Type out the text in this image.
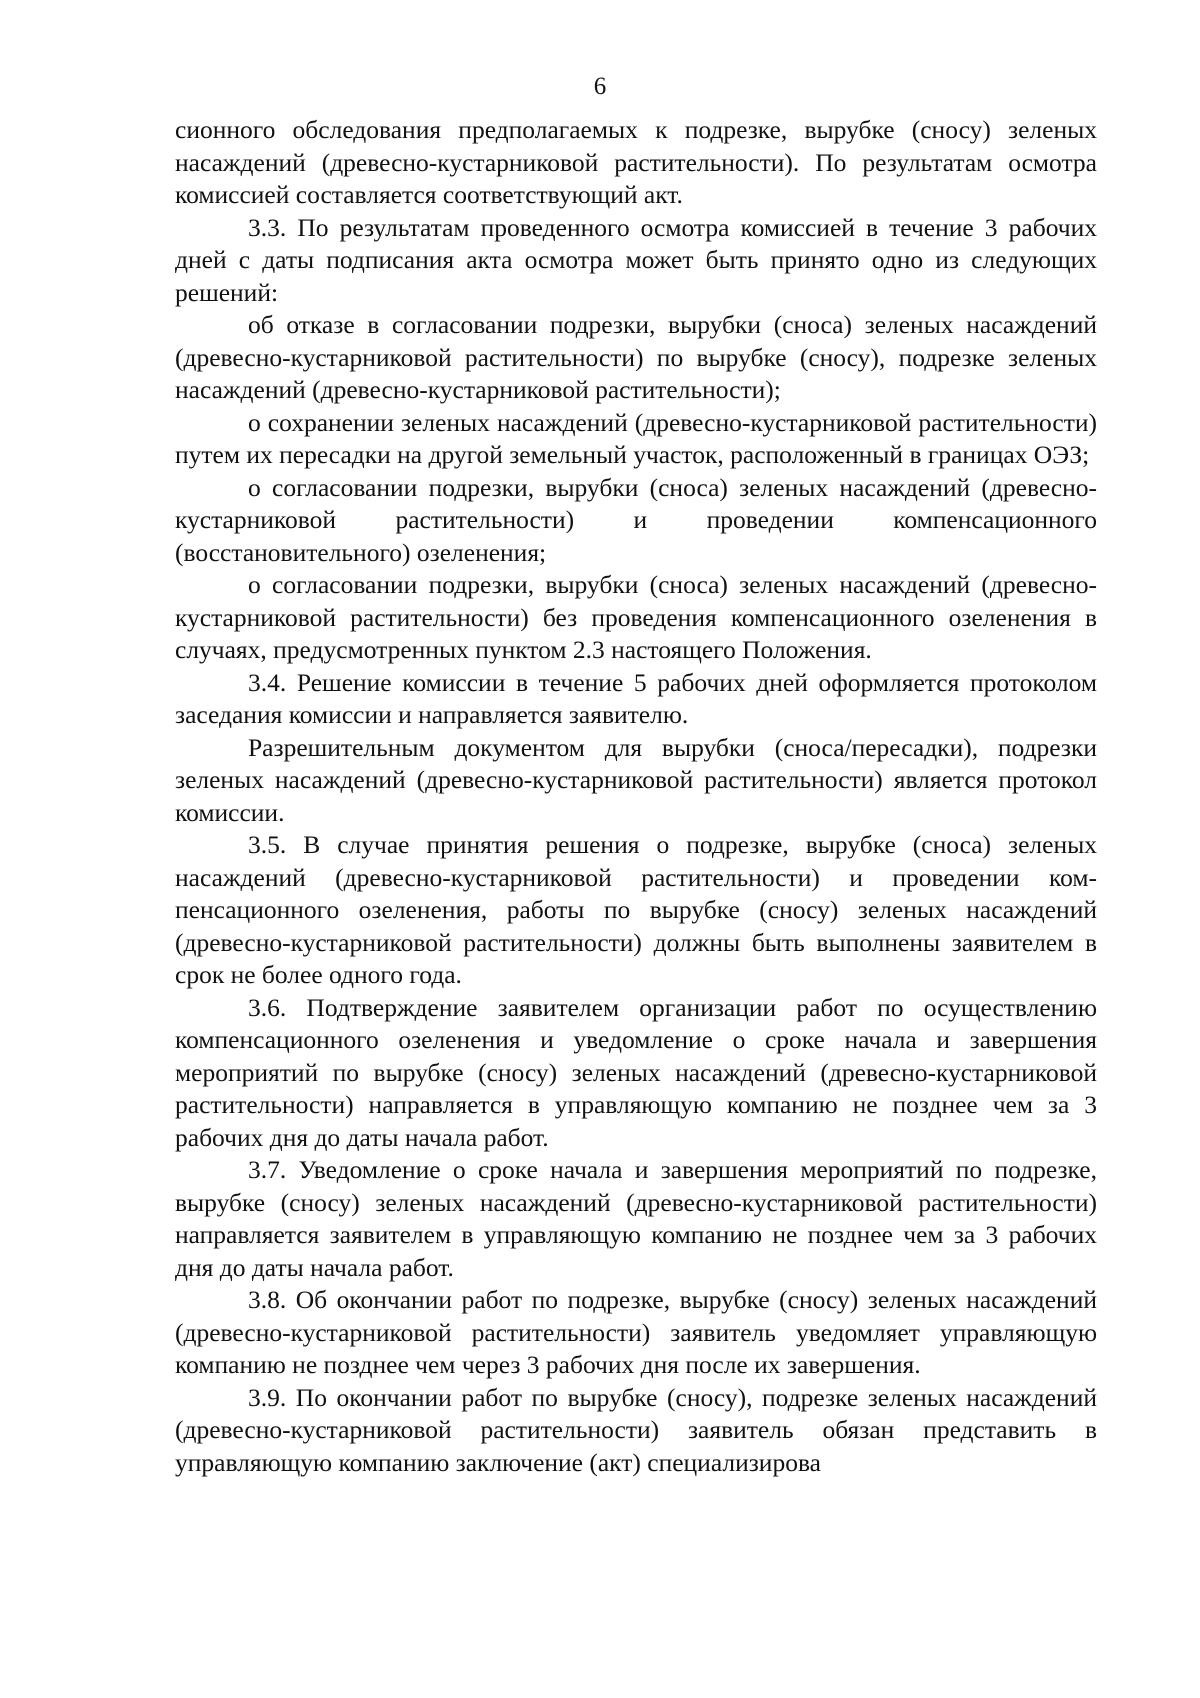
6

сионного обследования предполагаемых к подрезке, вырубке (сносу) зеленых насаждений (древесно-кустарниковой растительности). По результатам осмотра комиссией составляется соответствующий акт.

3.3. По результатам проведенного осмотра комиссией в течение 3 рабочих дней с даты подписания акта осмотра может быть принято одно из следующих решений:

об отказе в согласовании подрезки, вырубки (сноса) зеленых насаждений (древесно-кустарниковой растительности) по вырубке (сносу), подрезке зеленых насаждений (древесно-кустарниковой растительности);

о сохранении зеленых насаждений (древесно-кустарниковой растительности) путем их пересадки на другой земельный участок, расположенный в границах ОЭЗ;

о согласовании подрезки, вырубки (сноса) зеленых насаждений (древесно-кустарниковой растительности) и проведении компенсационного (восстановительного) озеленения;

о согласовании подрезки, вырубки (сноса) зеленых насаждений (древесно-кустарниковой растительности) без проведения компенсационного озеленения в случаях, предусмотренных пунктом 2.3 настоящего Положения.

3.4. Решение комиссии в течение 5 рабочих дней оформляется протоколом заседания комиссии и направляется заявителю.

Разрешительным документом для вырубки (сноса/пересадки), подрезки зеленых насаждений (древесно-кустарниковой растительности) является протокол комиссии.

3.5. В случае принятия решения о подрезке, вырубке (сноса) зеленых насаждений (древесно-кустарниковой растительности) и проведении компенсационного озеленения, работы по вырубке (сносу) зеленых насаждений (древесно-кустарниковой растительности) должны быть выполнены заявителем в срок не более одного года.

3.6. Подтверждение заявителем организации работ по осуществлению компенсационного озеленения и уведомление о сроке начала и завершения мероприятий по вырубке (сносу) зеленых насаждений (древесно-кустарниковой растительности) направляется в управляющую компанию не позднее чем за 3 рабочих дня до даты начала работ.

3.7. Уведомление о сроке начала и завершения мероприятий по подрезке, вырубке (сносу) зеленых насаждений (древесно-кустарниковой растительности) направляется заявителем в управляющую компанию не позднее чем за 3 рабочих дня до даты начала работ.

3.8. Об окончании работ по подрезке, вырубке (сносу) зеленых насаждений (древесно-кустарниковой растительности) заявитель уведомляет управляющую компанию не позднее чем через 3 рабочих дня после их завершения.

3.9. По окончании работ по вырубке (сносу), подрезке зеленых насаждений (древесно-кустарниковой растительности) заявитель обязан представить в управляющую компанию заключение (акт) специализирова
